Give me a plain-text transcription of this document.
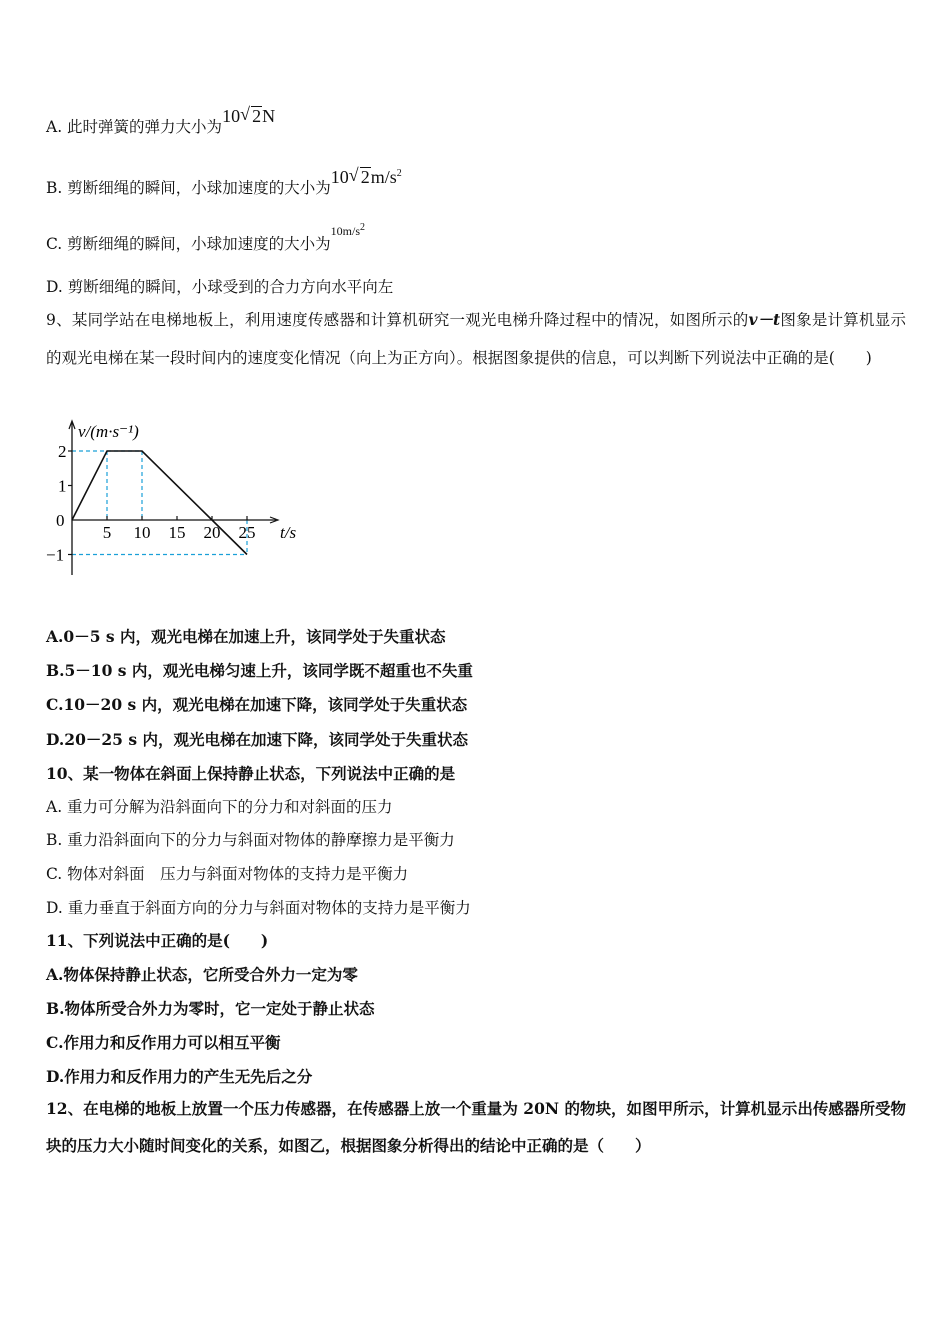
A. 此时弹簧的弹力大小为10 √ 2N
B. 剪断细绳的瞬间，小球加速度的大小为10 √ $2m/s^2$
C. 剪断细绳的瞬间，小球加速度的大小为$^{10m/s^2}$
D. 剪断细绳的瞬间，小球受到的合力方向水平向左
9、某同学站在电梯地板上，利用速度传感器和计算机研究一观光电梯升降过程中的情况，如图所示的v－t图象是计算机显示的观光电梯在某一段时间内的速度变化情况（向上为正方向）。根据图象提供的信息，可以判断下列说法中正确的是(　　)
2
1
0
−1
5 10 15 20 25
v/(m·s⁻¹)
t/s
A.0－5 s 内，观光电梯在加速上升，该同学处于失重状态
B.5－10 s 内，观光电梯匀速上升，该同学既不超重也不失重
C.10－20 s 内，观光电梯在加速下降，该同学处于失重状态
D.20－25 s 内，观光电梯在加速下降，该同学处于失重状态
10、某一物体在斜面上保持静止状态，下列说法中正确的是
A. 重力可分解为沿斜面向下的分力和对斜面的压力
B. 重力沿斜面向下的分力与斜面对物体的静摩擦力是平衡力
C. 物体对斜面　压力与斜面对物体的支持力是平衡力
D. 重力垂直于斜面方向的分力与斜面对物体的支持力是平衡力
11、下列说法中正确的是(　　)
A.物体保持静止状态，它所受合外力一定为零
B.物体所受合外力为零时，它一定处于静止状态
C.作用力和反作用力可以相互平衡
D.作用力和反作用力的产生无先后之分
12、在电梯的地板上放置一个压力传感器，在传感器上放一个重量为 20N 的物块，如图甲所示，计算机显示出传感器所受物块的压力大小随时间变化的关系，如图乙，根据图象分析得出的结论中正确的是（　　）
